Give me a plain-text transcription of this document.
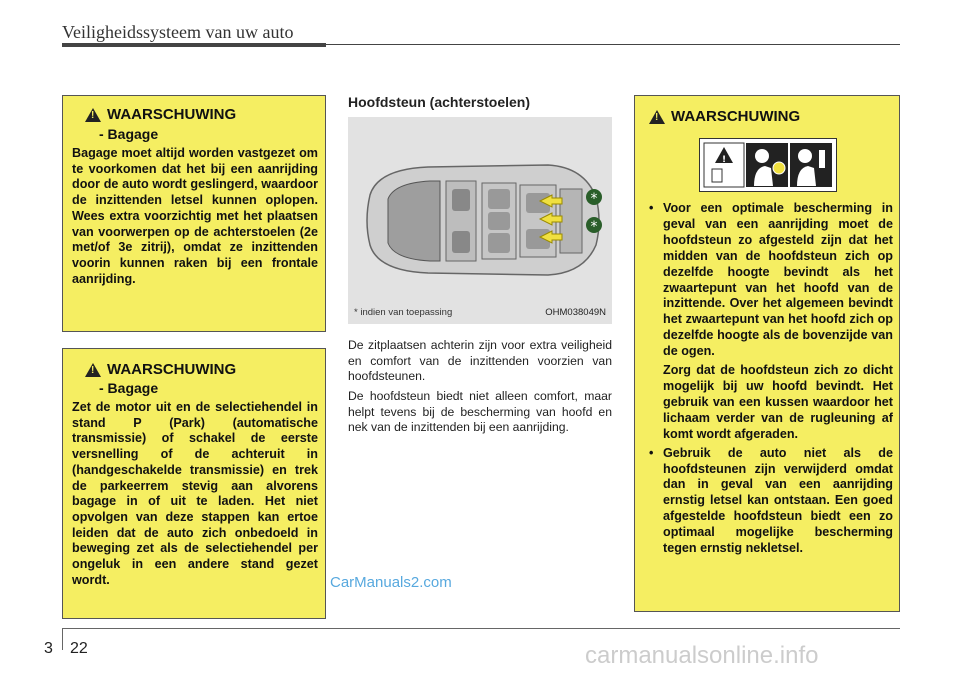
Veiligheidssysteem van uw auto
!
WAARSCHUWING
- Bagage
Bagage moet altijd worden vastgezet om te voorkomen dat het bij een aanrijding door de auto wordt geslingerd, waardoor de inzittenden letsel kunnen oplopen. Wees extra voorzichtig met het plaatsen van voorwerpen op de achterstoelen (2e met/of 3e zitrij), omdat ze inzittenden voorin kunnen raken bij een frontale aanrijding.
!
WAARSCHUWING
- Bagage
Zet de motor uit en de selectiehendel in stand P (Park) (automatische transmissie) of schakel de eerste versnelling of de achteruit in (handgeschakelde transmissie) en trek de parkeerrem stevig aan alvorens bagage in of uit te laden. Het niet opvolgen van deze stappen kan ertoe leiden dat de auto zich onbedoeld in beweging zet als de selectiehendel per ongeluk in een andere stand gezet wordt.
Hoofdsteun (achterstoelen)
*
*
* indien van toepassing	OHM038049N
De zitplaatsen achterin zijn voor extra veiligheid en comfort van de inzittenden voorzien van hoofdsteunen.
De hoofdsteun biedt niet alleen comfort, maar helpt tevens bij de bescherming van hoofd en nek van de inzittenden bij een aanrijding.
!
WAARSCHUWING
!
• Voor een optimale bescherming in geval van een aanrijding moet de hoofdsteun zo afgesteld zijn dat het midden van de hoofdsteun zich op dezelfde hoogte bevindt als het zwaartepunt van het hoofd van de inzittende. Over het algemeen bevindt het zwaartepunt van het hoofd zich op dezelfde hoogte als de bovenzijde van de ogen.
Zorg dat de hoofdsteun zich zo dicht mogelijk bij uw hoofd bevindt. Het gebruik van een kussen waardoor het lichaam verder van de rugleuning af komt wordt afgeraden.
• Gebruik de auto niet als de hoofdsteunen zijn verwijderd omdat dan in geval van een aanrijding ernstig letsel kan ontstaan. Een goed afgestelde hoofdsteun biedt een zo optimaal mogelijke bescherming tegen ernstig nekletsel.
CarManuals2.com
3 22	carmanualsonline.info
